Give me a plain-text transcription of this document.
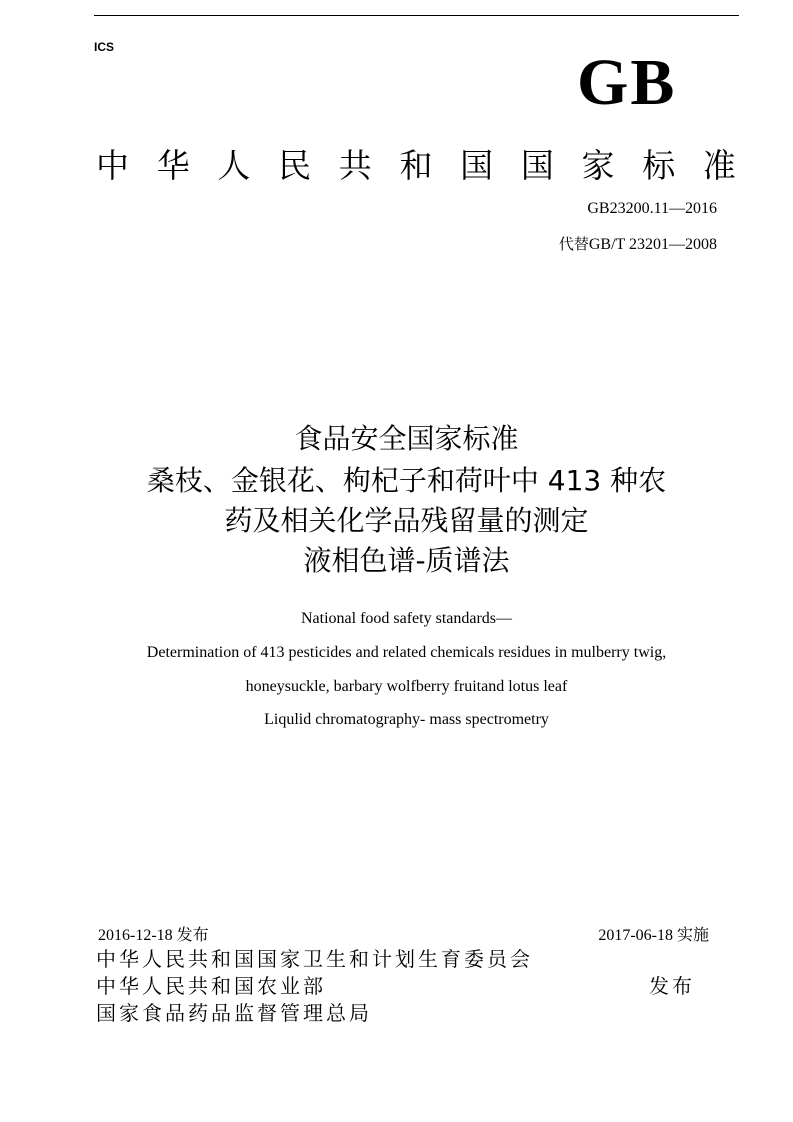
ICS	GB
中 华 人 民 共 和 国 国 家 标 准
GB23200.11—2016
代替GB/T 23201—2008
食品安全国家标准
桑枝、金银花、枸杞子和荷叶中 413 种农
药及相关化学品残留量的测定
液相色谱-质谱法
National food safety standards—
Determination of 413 pesticides and related chemicals residues in mulberry twig,
honeysuckle, barbary wolfberry fruitand lotus leaf
Liqulid chromatography- mass spectrometry
2016-12-18 发布	2017-06-18 实施
中华人民共和国国家卫生和计划生育委员会
中华人民共和国农业部
国家食品药品监督管理总局
发布
